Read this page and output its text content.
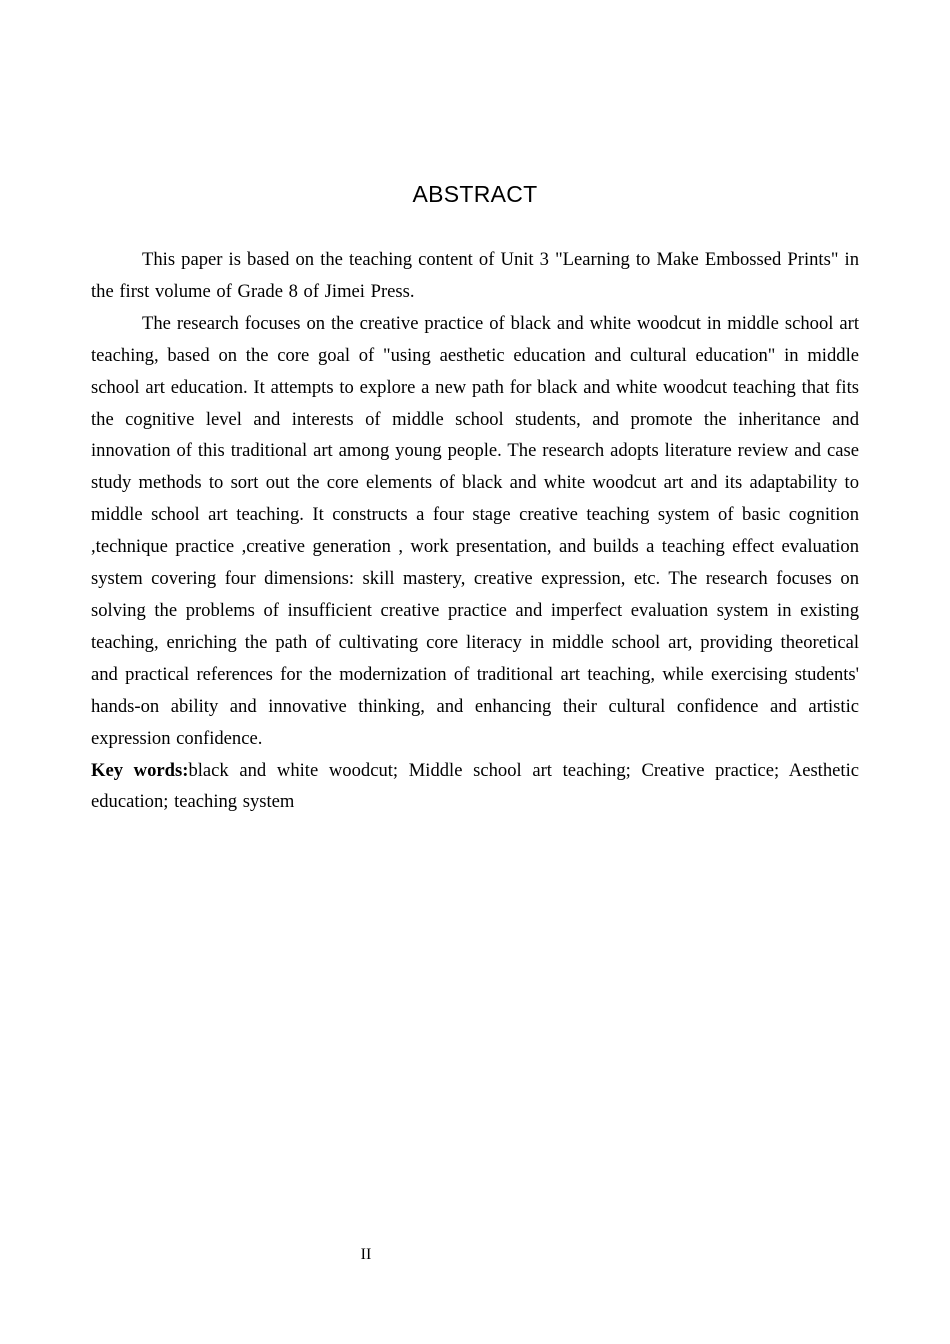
ABSTRACT

This paper is based on the teaching content of Unit 3 "Learning to Make Embossed Prints" in the first volume of Grade 8 of Jimei Press.

The research focuses on the creative practice of black and white woodcut in middle school art teaching, based on the core goal of "using aesthetic education and cultural education" in middle school art education. It attempts to explore a new path for black and white woodcut teaching that fits the cognitive level and interests of middle school students, and promote the inheritance and innovation of this traditional art among young people. The research adopts literature review and case study methods to sort out the core elements of black and white woodcut art and its adaptability to middle school art teaching. It constructs a four stage creative teaching system of basic cognition ,technique practice ,creative generation , work presentation, and builds a teaching effect evaluation system covering four dimensions: skill mastery, creative expression, etc. The research focuses on solving the problems of insufficient creative practice and imperfect evaluation system in existing teaching, enriching the path of cultivating core literacy in middle school art, providing theoretical and practical references for the modernization of traditional art teaching, while exercising students' hands-on ability and innovative thinking, and enhancing their cultural confidence and artistic expression confidence.

Key words:black and white woodcut; Middle school art teaching; Creative practice; Aesthetic education; teaching system

II
